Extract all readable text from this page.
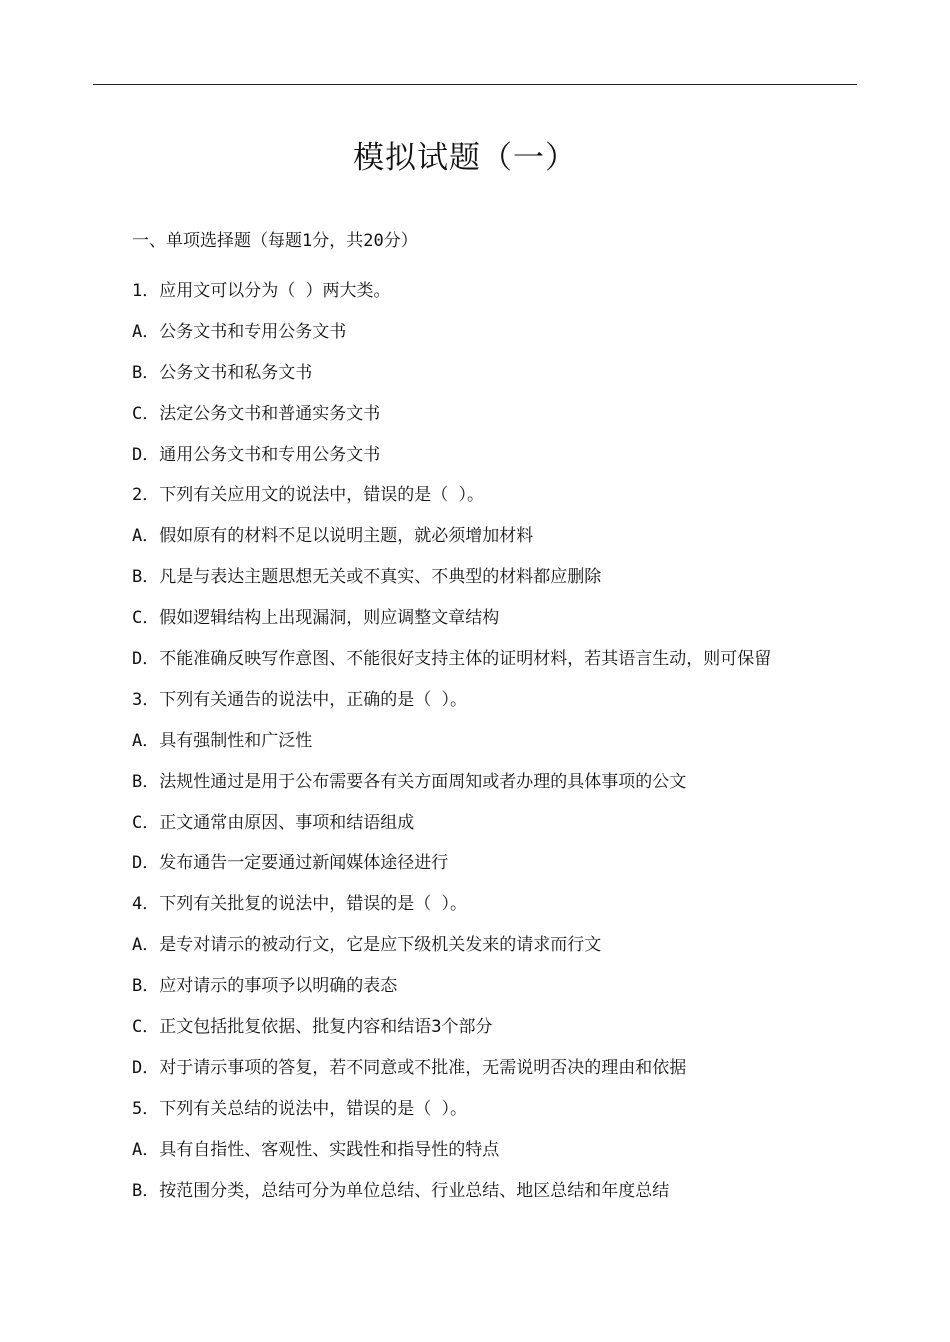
模拟试题（一）
一、单项选择题（每题1分，共20分）
1．应用文可以分为（ ）两大类。
A．公务文书和专用公务文书
B．公务文书和私务文书
C．法定公务文书和普通实务文书
D．通用公务文书和专用公务文书
2．下列有关应用文的说法中，错误的是（ ）。
A．假如原有的材料不足以说明主题，就必须增加材料
B．凡是与表达主题思想无关或不真实、不典型的材料都应删除
C．假如逻辑结构上出现漏洞，则应调整文章结构
D．不能准确反映写作意图、不能很好支持主体的证明材料，若其语言生动，则可保留
3．下列有关通告的说法中，正确的是（ ）。
A．具有强制性和广泛性
B．法规性通过是用于公布需要各有关方面周知或者办理的具体事项的公文
C．正文通常由原因、事项和结语组成
D．发布通告一定要通过新闻媒体途径进行
4．下列有关批复的说法中，错误的是（ ）。
A．是专对请示的被动行文，它是应下级机关发来的请求而行文
B．应对请示的事项予以明确的表态
C．正文包括批复依据、批复内容和结语3个部分
D．对于请示事项的答复，若不同意或不批准，无需说明否决的理由和依据
5．下列有关总结的说法中，错误的是（ ）。
A．具有自指性、客观性、实践性和指导性的特点
B．按范围分类，总结可分为单位总结、行业总结、地区总结和年度总结
